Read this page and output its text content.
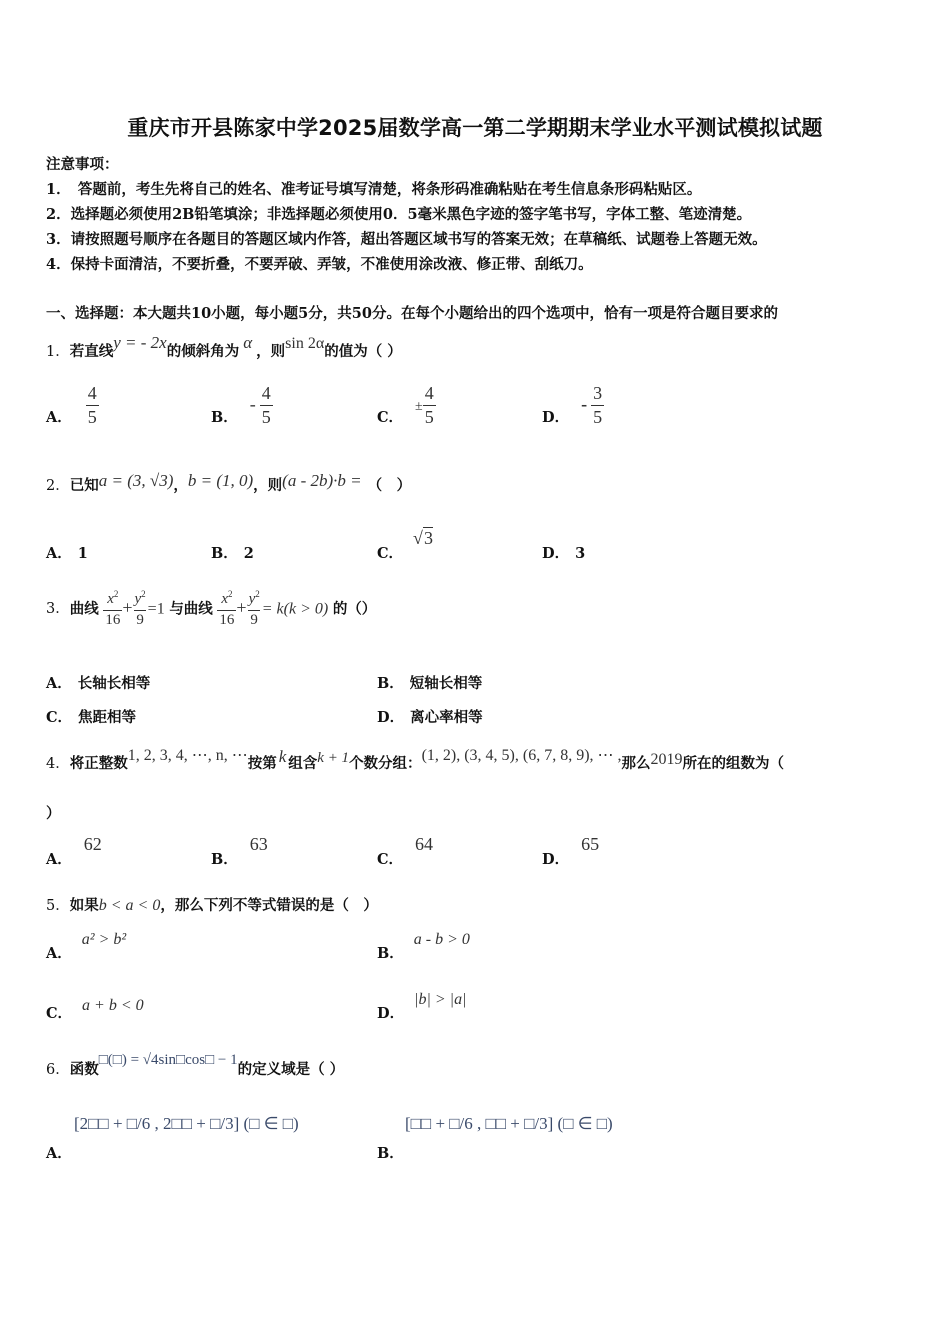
重庆市开县陈家中学2025届数学高一第二学期期末学业水平测试模拟试题
注意事项：
1．　答题前，考生先将自己的姓名、准考证号填写清楚，将条形码准确粘贴在考生信息条形码粘贴区。
2．选择题必须使用2B铅笔填涂；非选择题必须使用0．5毫米黑色字迹的签字笔书写，字体工整、笔迹清楚。
3．请按照题号顺序在各题目的答题区域内作答，超出答题区域书写的答案无效；在草稿纸、试题卷上答题无效。
4．保持卡面清洁，不要折叠，不要弄破、弄皱，不准使用涂改液、修正带、刮纸刀。
一、选择题：本大题共10小题，每小题5分，共50分。在每个小题给出的四个选项中，恰有一项是符合题目要求的
1．若直线y = - 2x的倾斜角为 α ，则sin 2α的值为（ ）
A． $\frac{4}{5}$	B．- $\frac{4}{5}$	C．± $\frac{4}{5}$	D．- $\frac{3}{5}$
2．已知a = (3, √3)，b = (1, 0)，则(a - 2b)·b = （　）
A． 1	B． 2	C．√3
D． 3
3．曲线 $\frac{x^2}{16} + \frac{y^2}{9} =1$ 与曲线 $\frac{x^2}{16} + \frac{y^2}{9} = k(k > 0)$ 的（）
A． 长轴长相等	B． 短轴长相等
C． 焦距相等	D． 离心率相等
4．将正整数1, 2, 3, 4, ⋯, n, ⋯按第 k 组含k + 1个数分组：(1, 2), (3, 4, 5), (6, 7, 8, 9), ⋯ ,那么2019所在的组数为（
）
A．62
B．63
C．64
D．65
5．如果b < a < 0，那么下列不等式错误的是（　）
A．a² > b²
B．a - b > 0
C． a + b < 0	D．|b| > |a|
6．函数□(□) = √4sin□cos□ − 1的定义域是（ ）
[2□□ + □/6 , 2□□ + □/3] (□ ∈ □)
A．
[□□ + □/6 , □□ + □/3] (□ ∈ □)
B．
